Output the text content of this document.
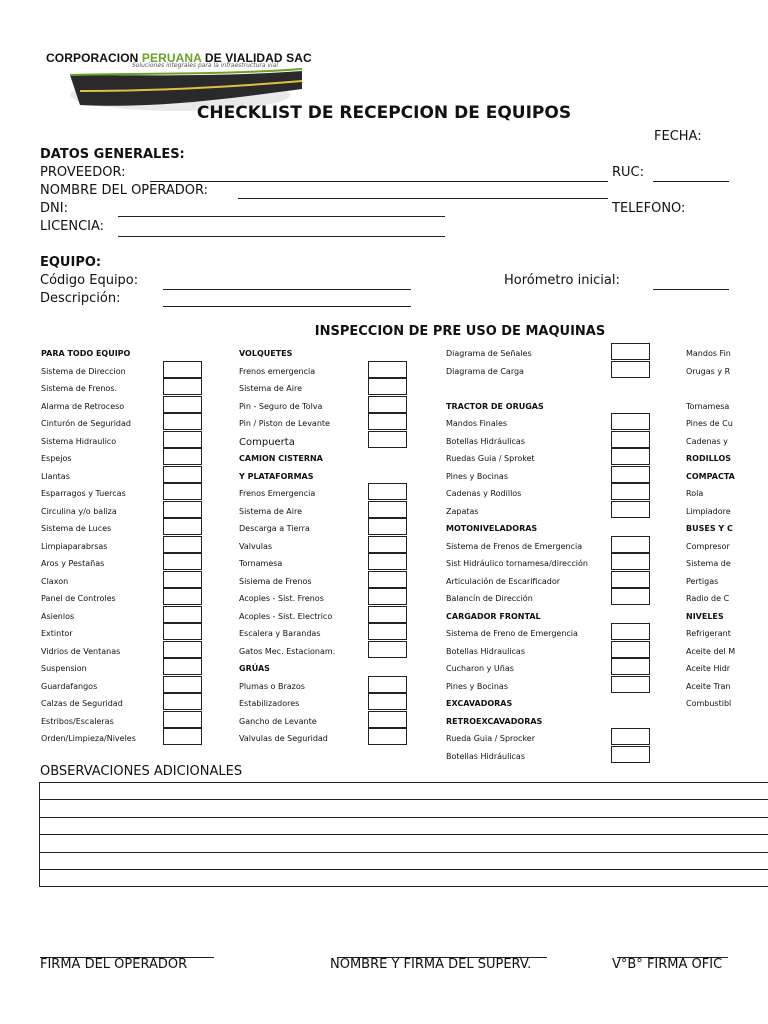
CORPORACION PERUANA DE VIALIDAD SAC
Soluciones integrales para la infraestructura vial
CHECKLIST DE RECEPCION DE EQUIPOS
FECHA:
DATOS GENERALES:
PROVEEDOR:	RUC:
NOMBRE DEL OPERADOR:
DNI:	TELEFONO:
LICENCIA:
EQUIPO:
Código Equipo:	Horómetro inicial:
Descripción:
INSPECCION DE PRE USO DE MAQUINAS
PARA TODO EQUIPO
Sistema de Direccion
Sistema de Frenos.
Alarma de Retroceso
Cinturón de Seguridad
Sistema Hidraulico
Espejos
Llantas
Esparragos y Tuercas
Circulina y/o baliza
Sistema de Luces
Limpiaparabrsas
Aros y Pestañas
Claxon
Panel de Controles
Asienlos
Extintor
Vidrios de Ventanas
Suspension
Guardafangos
Calzas de Seguridad
Estribos/Escaleras
Orden/Limpieza/Niveles
VOLQUETES
Frenos emergencia
Sistema de Aire
Pin - Seguro de Tolva
Pin / Piston de Levante
Compuerta
CAMION CISTERNA
Y PLATAFORMAS
Frenos Emergencia
Sistema de Aire
Descarga a Tierra
Valvulas
Tornamesa
Sisiema de Frenos
Acoples - Sist. Frenos
Acoples - Sist. Electrico
Escalera y Barandas
Gatos Mec. Estacionam.
GRÚAS
Plumas o Brazos
Estabilizadores
Gancho de Levante
Valvulas de Seguridad
Diagrama de Señales
Diagrama de Carga
TRACTOR DE ORUGAS
Mandos Finales
Botellas Hidráulicas
Ruedas Guia / Sproket
Pines y Bocinas
Cadenas y Rodillos
Zapatas
MOTONIVELADORAS
Sistema de Frenos de Emergencia
Sist Hidráulico tornamesa/dirección
Articulación de Escarificador
Balancín de Dirección
CARGADOR FRONTAL
Sistema de Freno de Emergencia
Botellas Hidraulicas
Cucharon y Uñas
Pines y Bocinas
EXCAVADORAS
RETROEXCAVADORAS
Rueda Guia / Sprocker
Botellas Hidráulicas
Mandos Fin
Orugas y R
Tornamesa
Pines de Cu
Cadenas y
RODILLOS
COMPACTA
Rola
Limpiadore
BUSES Y C
Compresor
Sistema de
Pertigas
Radio de C
NIVELES
Refrigerant
Aceite del M
Aceite Hidr
Aceite Tran
Combustibl
OBSERVACIONES ADICIONALES
FIRMA DEL OPERADOR	NOMBRE Y FIRMA DEL SUPERV.	V°B° FIRMA OFIC
